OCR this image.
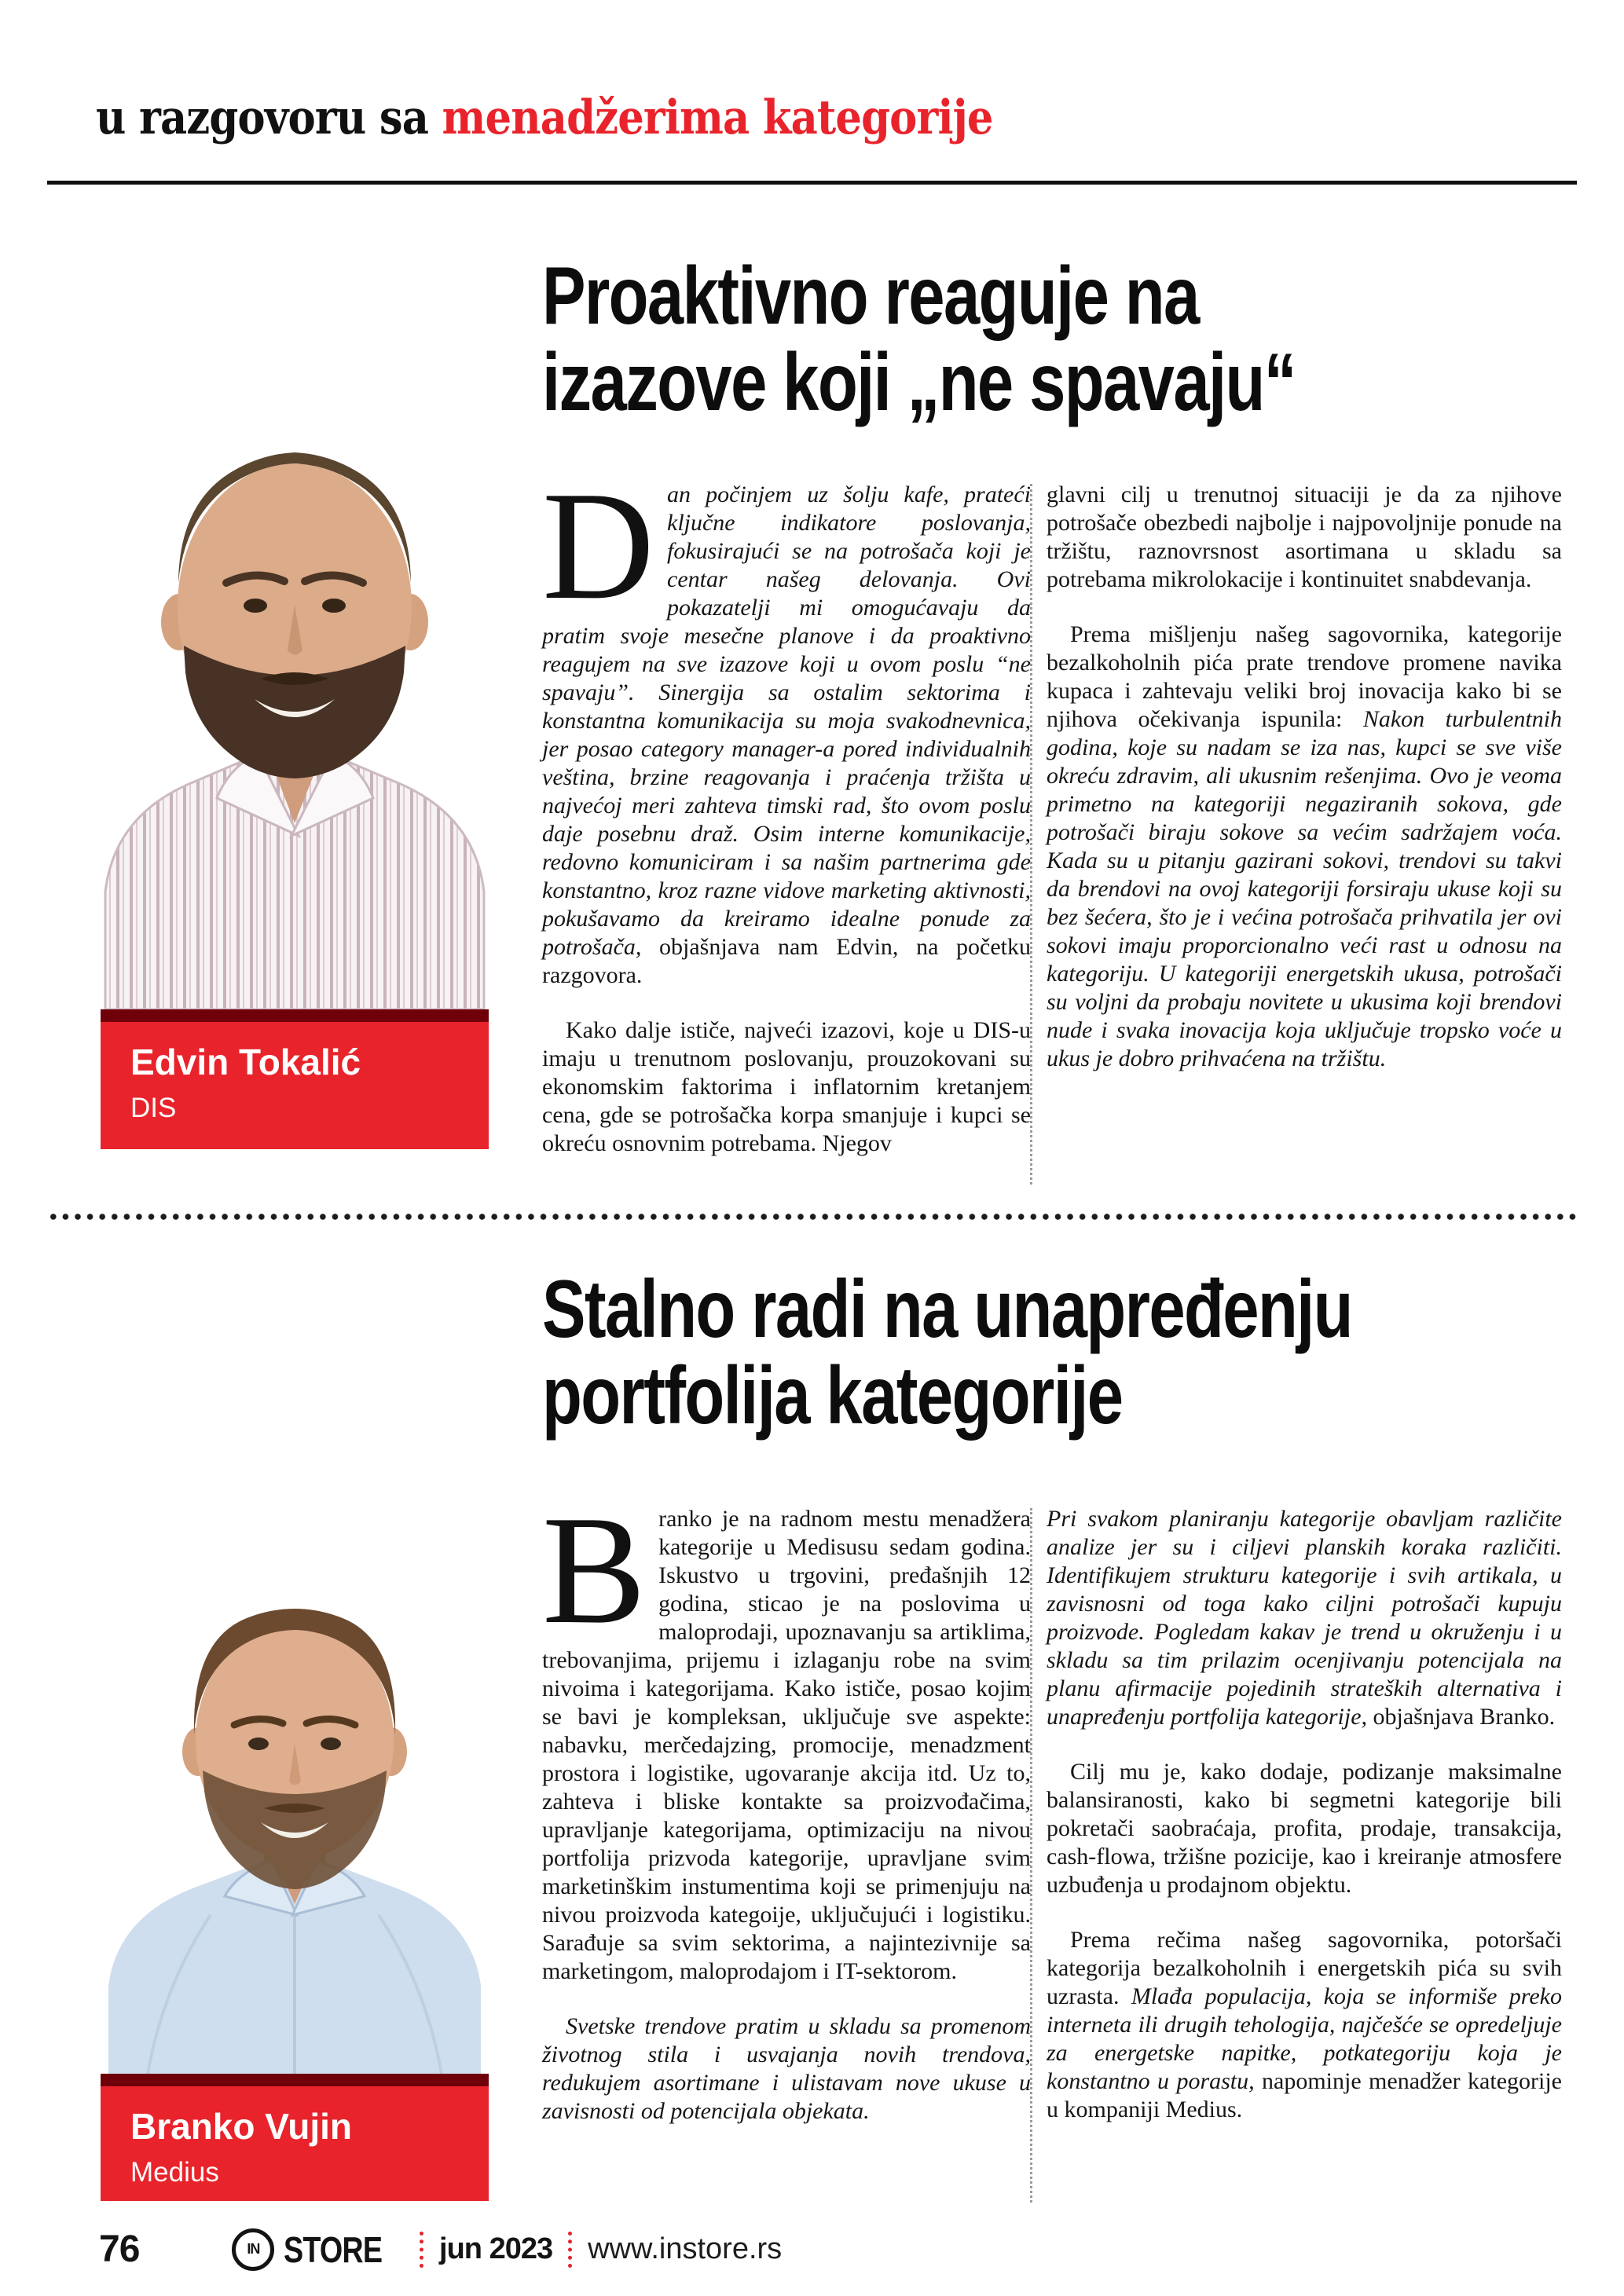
u razgovoru sa menadžerima kategorije
Proaktivno reaguje na
izazove koji „ne spavaju“
Edvin Tokalić
DIS

Dan počinjem uz šolju kafe, prateći ključne indikatore poslovanja, fokusirajući se na potrošača koji je centar našeg delovanja. Ovi pokazatelji mi omogućavaju da pratim svoje mesečne planove i da proaktivno reagujem na sve izazove koji u ovom poslu “ne spavaju”. Sinergija sa ostalim sektorima i konstantna komunikacija su moja svakodnevnica, jer posao category manager-a pored individualnih veština, brzine reagovanja i praćenja tržišta u najvećoj meri zahteva timski rad, što ovom poslu daje posebnu draž. Osim interne komunikacije, redovno komuniciram i sa našim partnerima gde konstantno, kroz razne vidove marketing aktivnosti, pokušavamo da kreiramo idealne ponude za potrošača, objašnjava nam Edvin, na početku razgovora.

Kako dalje ističe, najveći izazovi, koje u DIS-u imaju u trenutnom poslovanju, prouzokovani su ekonomskim faktorima i inflatornim kretanjem cena, gde se potrošačka korpa smanjuje i kupci se okreću osnovnim potrebama. Njegov

glavni cilj u trenutnoj situaciji je da za njihove potrošače obezbedi najbolje i najpovoljnije ponude na tržištu, raznovrsnost asortimana u skladu sa potrebama mikrolokacije i kontinuitet snabdevanja.

Prema mišljenju našeg sagovornika, kategorije bezalkoholnih pića prate trendove promene navika kupaca i zahtevaju veliki broj inovacija kako bi se njihova očekivanja ispunila: Nakon turbulentnih godina, koje su nadam se iza nas, kupci se sve više okreću zdravim, ali ukusnim rešenjima. Ovo je veoma primetno na kategoriji negaziranih sokova, gde potrošači biraju sokove sa većim sadržajem voća. Kada su u pitanju gazirani sokovi, trendovi su takvi da brendovi na ovoj kategoriji forsiraju ukuse koji su bez šećera, što je i većina potrošača prihvatila jer ovi sokovi imaju proporcionalno veći rast u odnosu na kategoriju. U kategoriji energetskih ukusa, potrošači su voljni da probaju novitete u ukusima koji brendovi nude i svaka inovacija koja uključuje tropsko voće u ukus je dobro prihvaćena na tržištu.

Stalno radi na unapređenju
portfolija kategorije
Branko Vujin
Medius

Branko je na radnom mestu menadžera kategorije u Medisusu sedam godina. Iskustvo u trgovini, pređašnjih 12 godina, sticao je na poslovima u maloprodaji, upoznavanju sa artiklima, trebovanjima, prijemu i izlaganju robe na svim nivoima i kategorijama. Kako ističe, posao kojim se bavi je kompleksan, uključuje sve aspekte: nabavku, merčedajzing, promocije, menadzment prostora i logistike, ugovaranje akcija itd. Uz to, zahteva i bliske kontakte sa proizvođačima, upravljanje kategorijama, optimizaciju na nivou portfolija prizvoda kategorije, upravljane svim marketinškim instumentima koji se primenjuju na nivou proizvoda kategoije, uključujući i logistiku. Sarađuje sa svim sektorima, a najintezivnije sa marketingom, maloprodajom i IT-sektorom.

Svetske trendove pratim u skladu sa promenom životnog stila i usvajanja novih trendova, redukujem asortimane i ulistavam nove ukuse u zavisnosti od potencijala objekata.

Pri svakom planiranju kategorije obavljam različite analize jer su i ciljevi planskih koraka različiti. Identifikujem strukturu kategorije i svih artikala, u zavisnosni od toga kako ciljni potrošači kupuju proizvode. Pogledam kakav je trend u okruženju i u skladu sa tim prilazim ocenjivanju potencijala na planu afirmacije pojedinih strateških alternativa i unapređenju portfolija kategorije, objašnjava Branko.

Cilj mu je, kako dodaje, podizanje maksimalne balansiranosti, kako bi segmetni kategorije bili pokretači saobraćaja, profita, prodaje, transakcija, cash-flowa, tržišne pozicije, kao i kreiranje atmosfere uzbuđenja u prodajnom objektu.

Prema rečima našeg sagovornika, potoršači kategorija bezalkoholnih i energetskih pića su svih uzrasta. Mlađa populacija, koja se informiše preko interneta ili drugih tehologija, najčešće se opredeljuje za energetske napitke, potkategoriju koja je konstantno u porastu, napominje menadžer kategorije u kompaniji Medius.

76	IN STORE jun 2023 www.instore.rs
